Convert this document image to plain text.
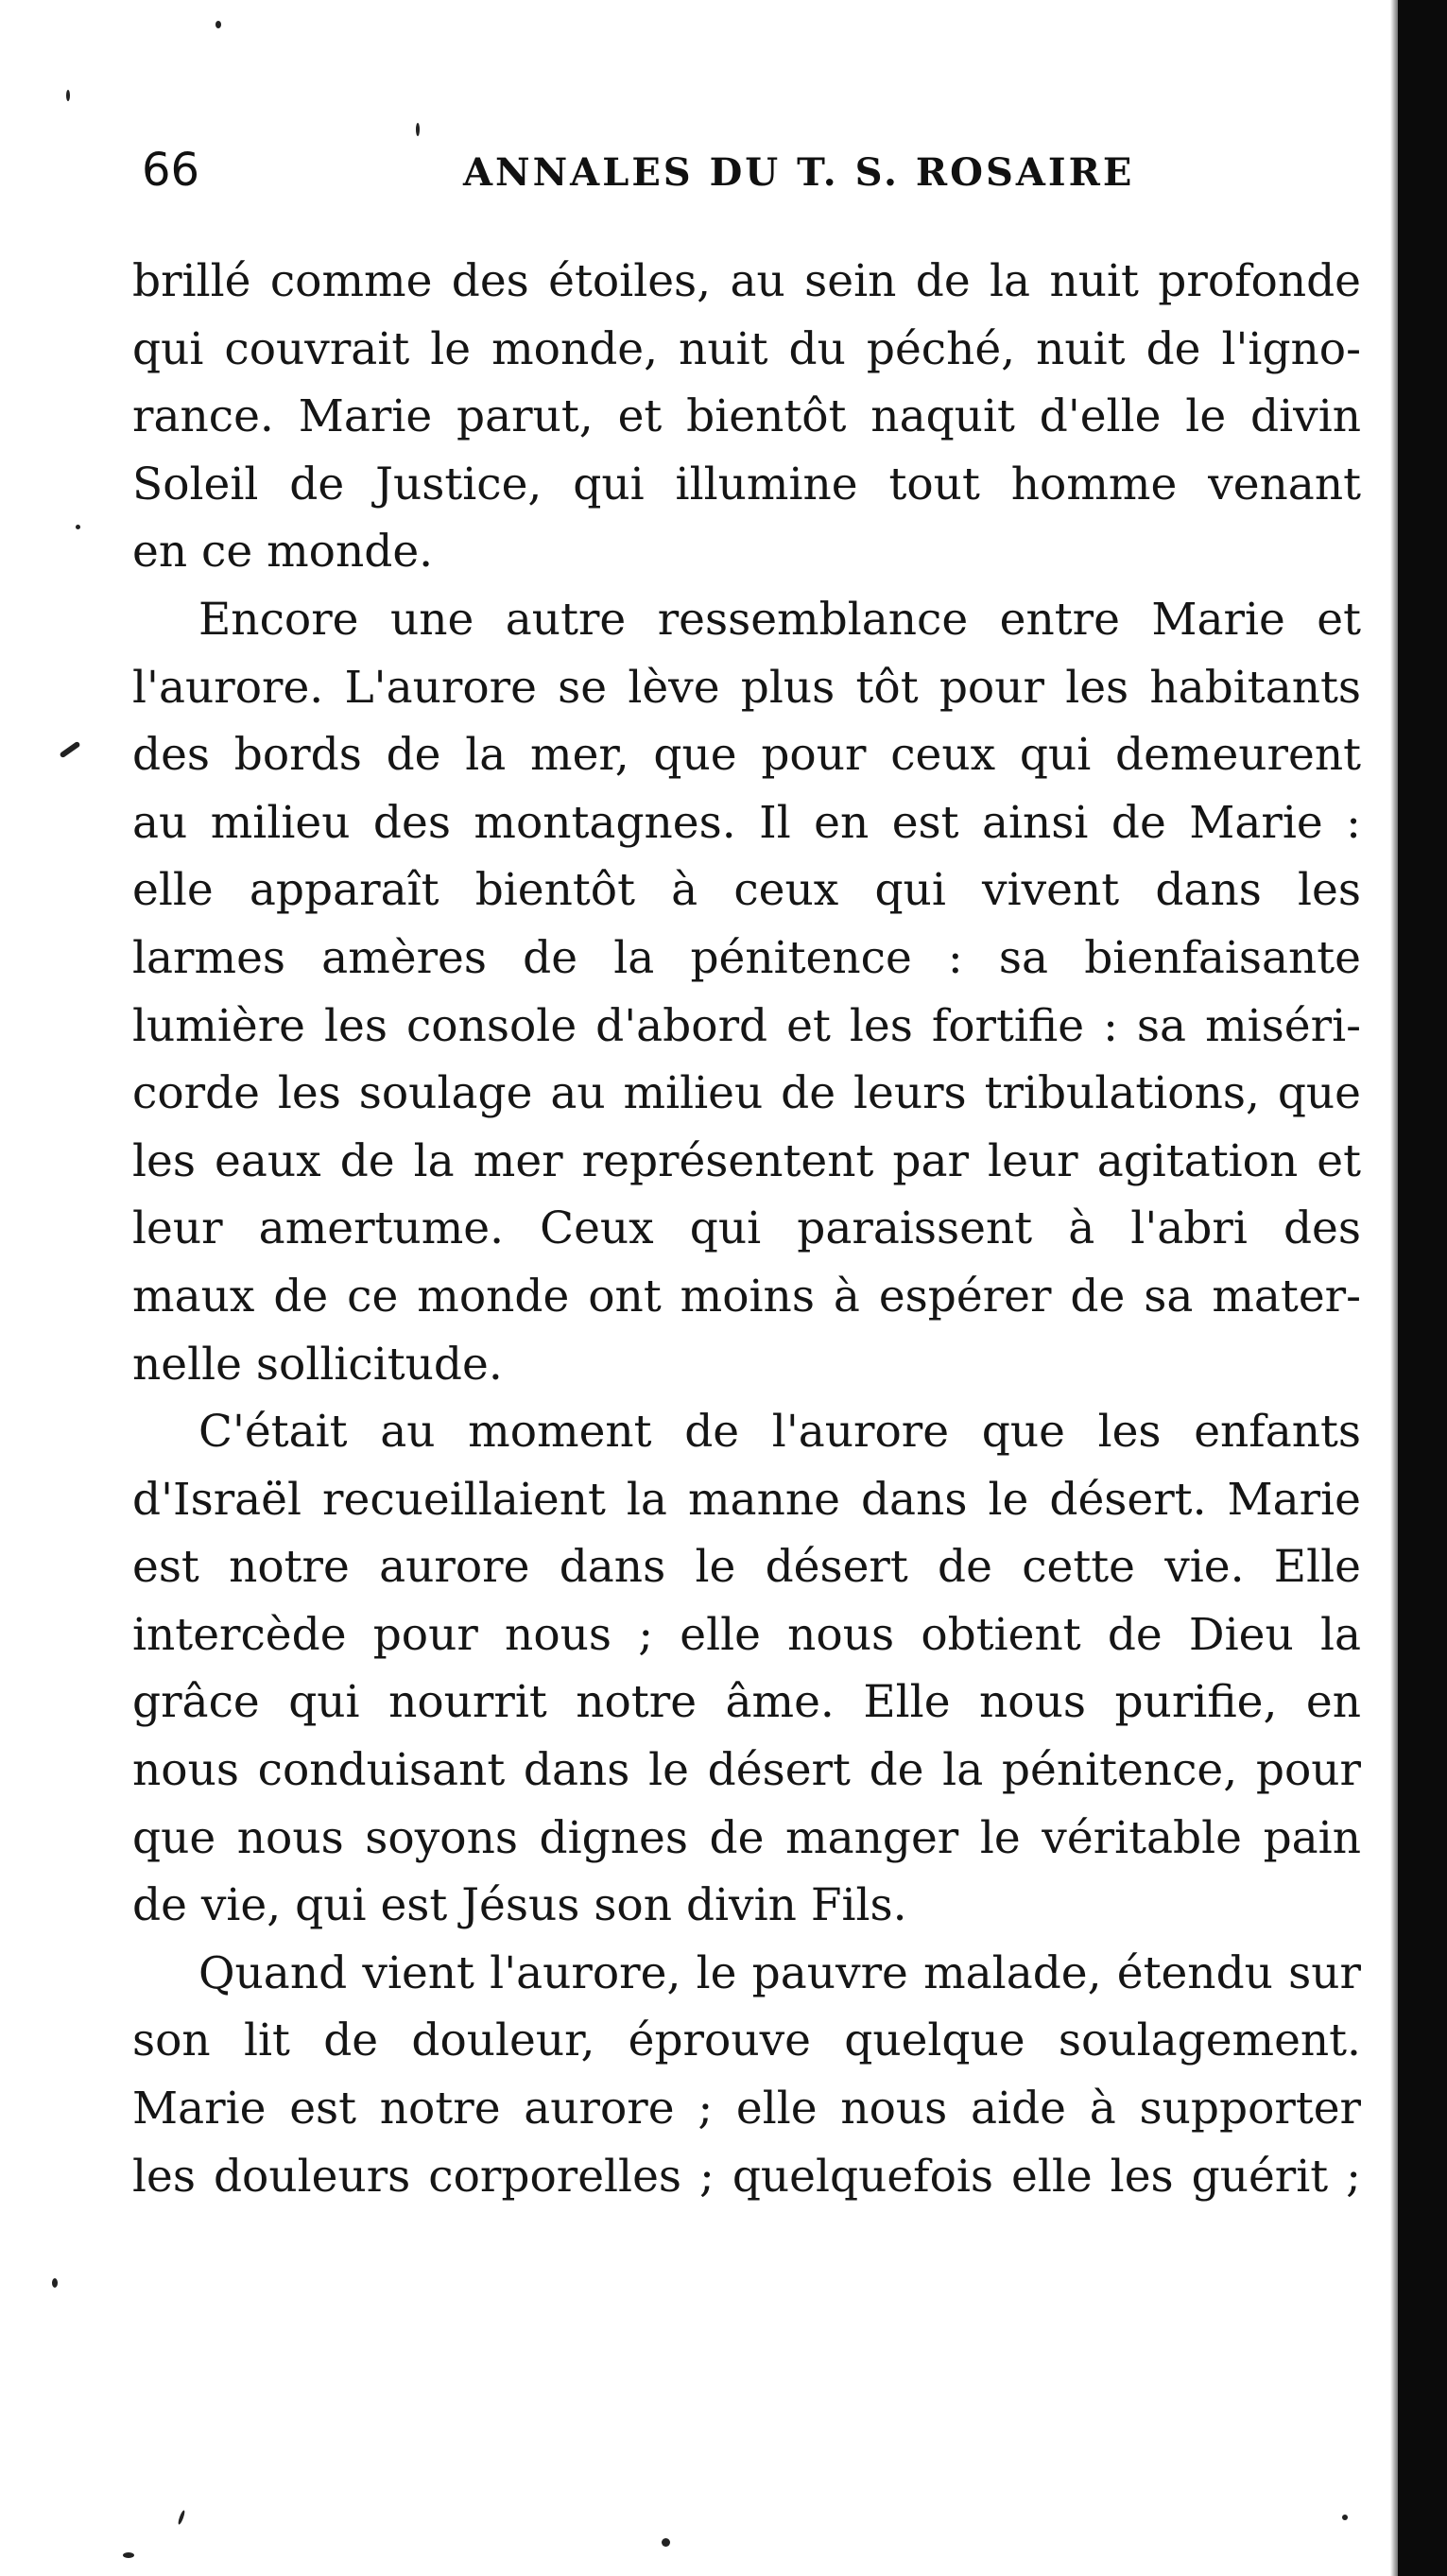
66	ANNALES DU T. S. ROSAIRE
brillé comme des étoiles, au sein de la nuit profonde
qui couvrait le monde, nuit du péché, nuit de l'igno-
rance. Marie parut, et bientôt naquit d'elle le divin
Soleil de Justice, qui illumine tout homme venant
en ce monde.
Encore une autre ressemblance entre Marie et
l'aurore. L'aurore se lève plus tôt pour les habitants
des bords de la mer, que pour ceux qui demeurent
au milieu des montagnes. Il en est ainsi de Marie :
elle apparaît bientôt à ceux qui vivent dans les
larmes amères de la pénitence : sa bienfaisante
lumière les console d'abord et les fortifie : sa miséri-
corde les soulage au milieu de leurs tribulations, que
les eaux de la mer représentent par leur agitation et
leur amertume. Ceux qui paraissent à l'abri des
maux de ce monde ont moins à espérer de sa mater-
nelle sollicitude.
C'était au moment de l'aurore que les enfants
d'Israël recueillaient la manne dans le désert. Marie
est notre aurore dans le désert de cette vie. Elle
intercède pour nous ; elle nous obtient de Dieu la
grâce qui nourrit notre âme. Elle nous purifie, en
nous conduisant dans le désert de la pénitence, pour
que nous soyons dignes de manger le véritable pain
de vie, qui est Jésus son divin Fils.
Quand vient l'aurore, le pauvre malade, étendu sur
son lit de douleur, éprouve quelque soulagement.
Marie est notre aurore ; elle nous aide à supporter
les douleurs corporelles ; quelquefois elle les guérit ;
